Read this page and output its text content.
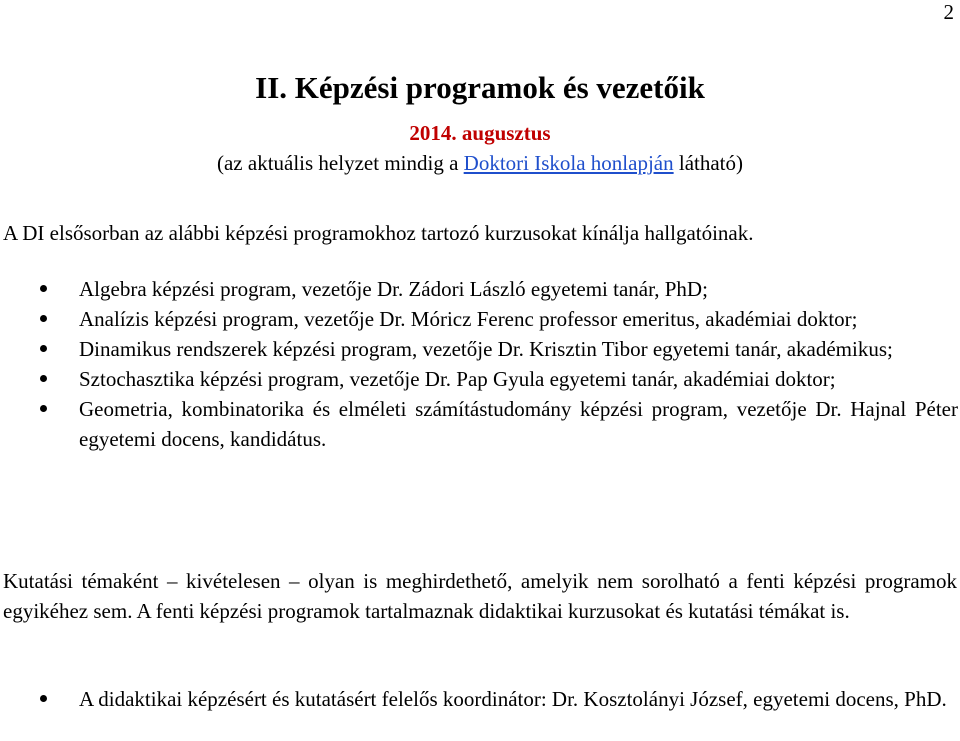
2
II. Képzési programok és vezetőik
2014. augusztus
(az aktuális helyzet mindig a Doktori Iskola honlapján látható)
A DI elsősorban az alábbi képzési programokhoz tartozó kurzusokat kínálja hallgatóinak.
Algebra képzési program, vezetője Dr. Zádori László egyetemi tanár, PhD;
Analízis képzési program, vezetője Dr. Móricz Ferenc professor emeritus, akadémiai doktor;
Dinamikus rendszerek képzési program, vezetője Dr. Krisztin Tibor egyetemi tanár, akadémikus;
Sztochasztika képzési program, vezetője Dr. Pap Gyula egyetemi tanár, akadémiai doktor;
Geometria, kombinatorika és elméleti számítástudomány képzési program, vezetője Dr. Hajnal Péter egyetemi docens, kandidátus.
Kutatási témaként – kivételesen – olyan is meghirdethető, amelyik nem sorolható a fenti képzési programok egyikéhez sem. A fenti képzési programok tartalmaznak didaktikai kurzusokat és kutatási témákat is.
A didaktikai képzésért és kutatásért felelős koordinátor: Dr. Kosztolányi József, egyetemi docens, PhD.
